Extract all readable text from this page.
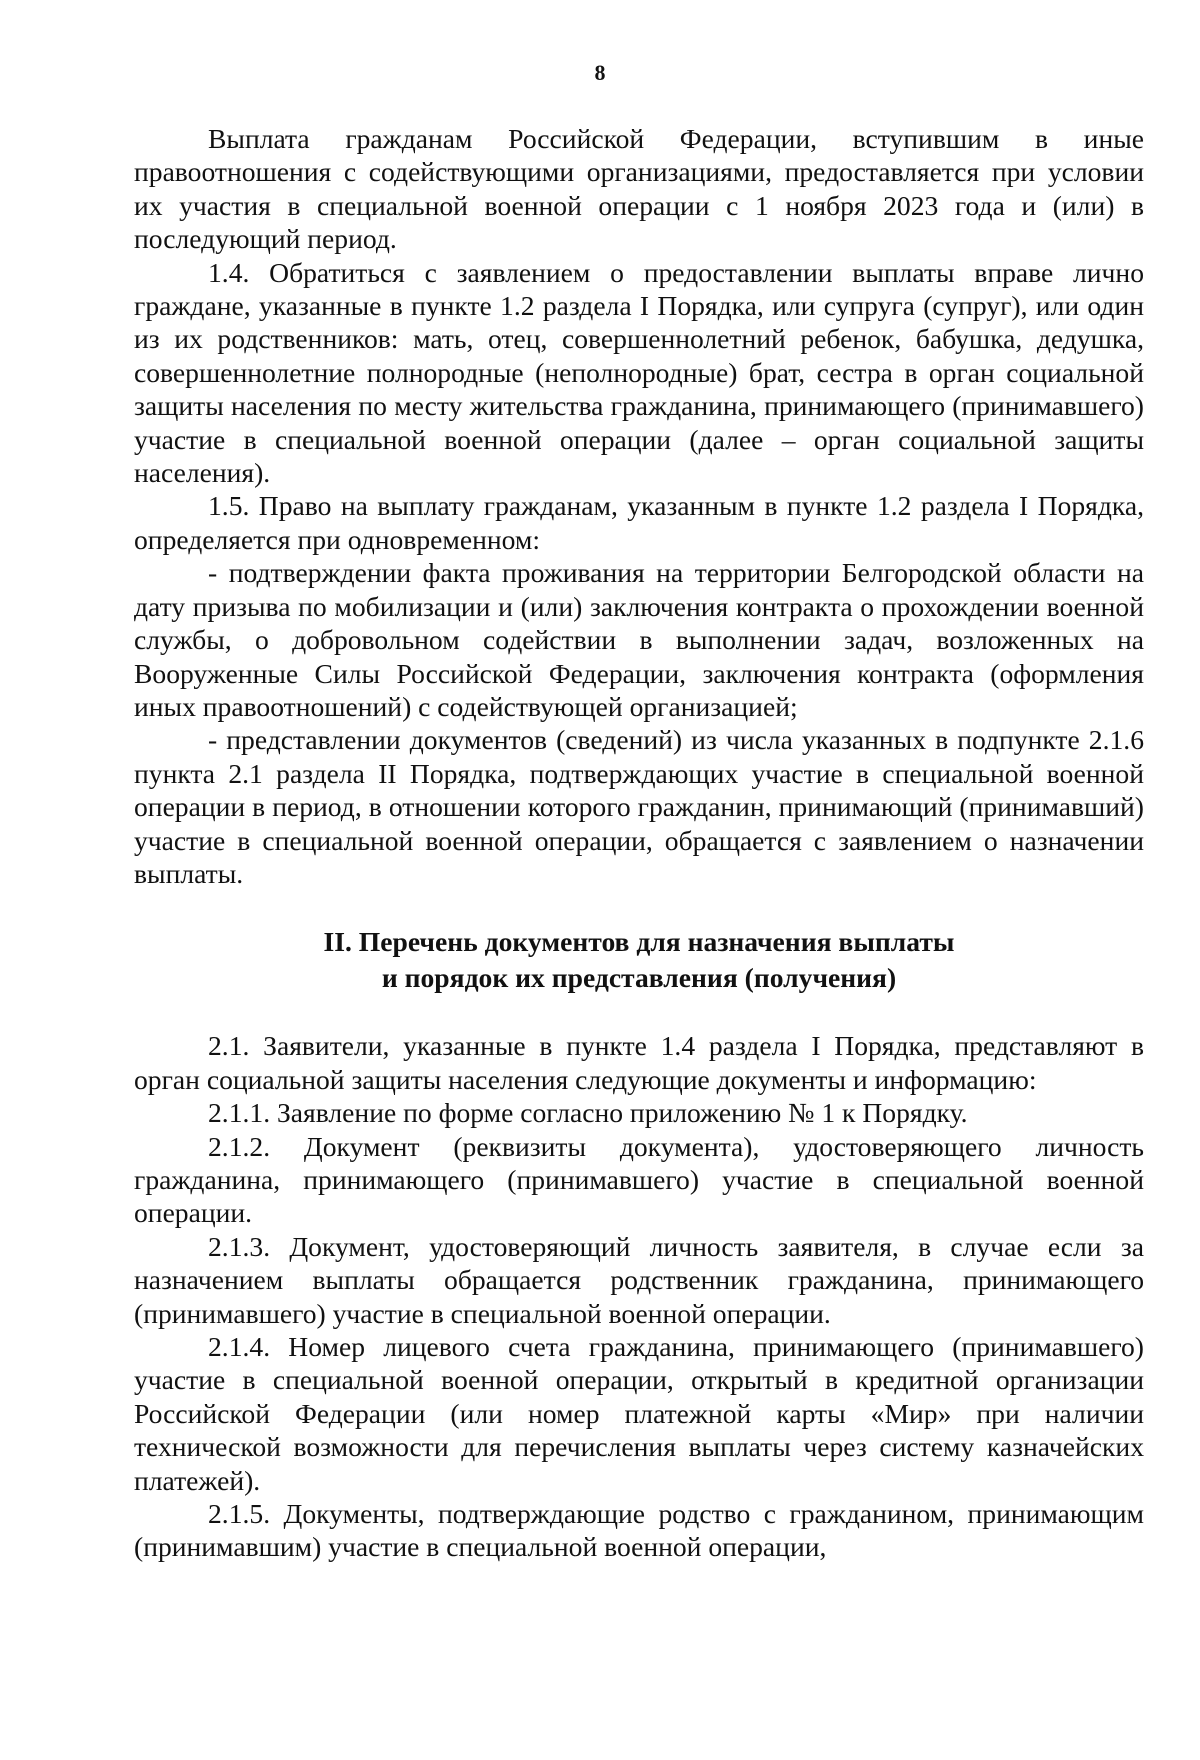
8

Выплата гражданам Российской Федерации, вступившим в иные правоотношения с содействующими организациями, предоставляется при условии их участия в специальной военной операции с 1 ноября 2023 года и (или) в последующий период.

1.4. Обратиться с заявлением о предоставлении выплаты вправе лично граждане, указанные в пункте 1.2 раздела I Порядка, или супруга (супруг), или один из их родственников: мать, отец, совершеннолетний ребенок, бабушка, дедушка, совершеннолетние полнородные (неполнородные) брат, сестра в орган социальной защиты населения по месту жительства гражданина, принимающего (принимавшего) участие в специальной военной операции (далее – орган социальной защиты населения).

1.5. Право на выплату гражданам, указанным в пункте 1.2 раздела I Порядка, определяется при одновременном:

- подтверждении факта проживания на территории Белгородской области на дату призыва по мобилизации и (или) заключения контракта о прохождении военной службы, о добровольном содействии в выполнении задач, возложенных на Вооруженные Силы Российской Федерации, заключения контракта (оформления иных правоотношений) с содействующей организацией;

- представлении документов (сведений) из числа указанных в подпункте 2.1.6 пункта 2.1 раздела II Порядка, подтверждающих участие в специальной военной операции в период, в отношении которого гражданин, принимающий (принимавший) участие в специальной военной операции, обращается с заявлением о назначении выплаты.

II. Перечень документов для назначения выплаты
и порядок их представления (получения)

2.1. Заявители, указанные в пункте 1.4 раздела I Порядка, представляют в орган социальной защиты населения следующие документы и информацию:

2.1.1. Заявление по форме согласно приложению № 1 к Порядку.

2.1.2. Документ (реквизиты документа), удостоверяющего личность гражданина, принимающего (принимавшего) участие в специальной военной операции.

2.1.3. Документ, удостоверяющий личность заявителя, в случае если за назначением выплаты обращается родственник гражданина, принимающего (принимавшего) участие в специальной военной операции.

2.1.4. Номер лицевого счета гражданина, принимающего (принимавшего) участие в специальной военной операции, открытый в кредитной организации Российской Федерации (или номер платежной карты «Мир» при наличии технической возможности для перечисления выплаты через систему казначейских платежей).

2.1.5. Документы, подтверждающие родство с гражданином, принимающим (принимавшим) участие в специальной военной операции,
